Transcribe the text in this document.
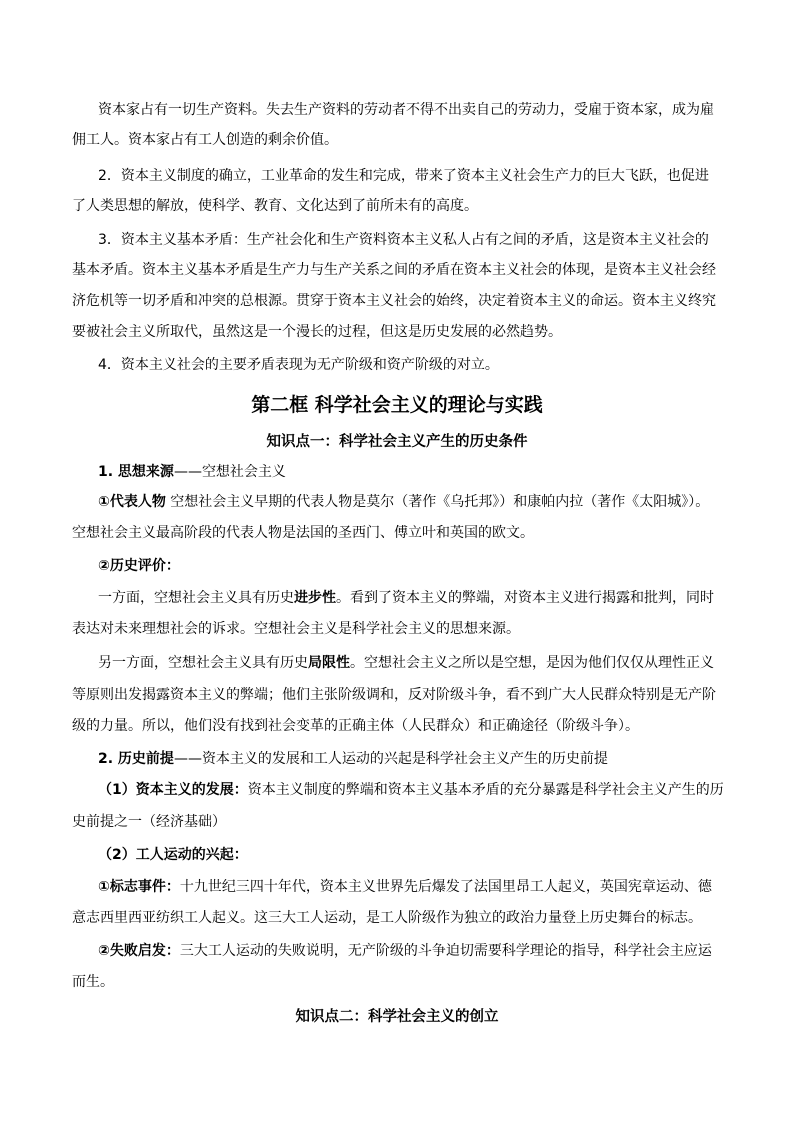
资本家占有一切生产资料。失去生产资料的劳动者不得不出卖自己的劳动力，受雇于资本家，成为雇
佣工人。资本家占有工人创造的剩余价值。
2．资本主义制度的确立，工业革命的发生和完成，带来了资本主义社会生产力的巨大飞跃，也促进
了人类思想的解放，使科学、教育、文化达到了前所未有的高度。
3．资本主义基本矛盾：生产社会化和生产资料资本主义私人占有之间的矛盾，这是资本主义社会的
基本矛盾。资本主义基本矛盾是生产力与生产关系之间的矛盾在资本主义社会的体现，是资本主义社会经
济危机等一切矛盾和冲突的总根源。贯穿于资本主义社会的始终，决定着资本主义的命运。资本主义终究
要被社会主义所取代，虽然这是一个漫长的过程，但这是历史发展的必然趋势。
4．资本主义社会的主要矛盾表现为无产阶级和资产阶级的对立。
第二框 科学社会主义的理论与实践
知识点一：科学社会主义产生的历史条件
1. 思想来源——空想社会主义
①代表人物 空想社会主义早期的代表人物是莫尔（著作《乌托邦》）和康帕内拉（著作《太阳城》）。
空想社会主义最高阶段的代表人物是法国的圣西门、傅立叶和英国的欧文。
②历史评价：
一方面，空想社会主义具有历史进步性。看到了资本主义的弊端，对资本主义进行揭露和批判，同时
表达对未来理想社会的诉求。空想社会主义是科学社会主义的思想来源。
另一方面，空想社会主义具有历史局限性。空想社会主义之所以是空想，是因为他们仅仅从理性正义
等原则出发揭露资本主义的弊端；他们主张阶级调和，反对阶级斗争，看不到广大人民群众特别是无产阶
级的力量。所以，他们没有找到社会变革的正确主体（人民群众）和正确途径（阶级斗争）。
2. 历史前提——资本主义的发展和工人运动的兴起是科学社会主义产生的历史前提
（1）资本主义的发展：资本主义制度的弊端和资本主义基本矛盾的充分暴露是科学社会主义产生的历
史前提之一（经济基础）
（2）工人运动的兴起：
①标志事件：十九世纪三四十年代，资本主义世界先后爆发了法国里昂工人起义，英国宪章运动、德
意志西里西亚纺织工人起义。这三大工人运动，是工人阶级作为独立的政治力量登上历史舞台的标志。
②失败启发：三大工人运动的失败说明，无产阶级的斗争迫切需要科学理论的指导，科学社会主应运
而生。
知识点二：科学社会主义的创立
